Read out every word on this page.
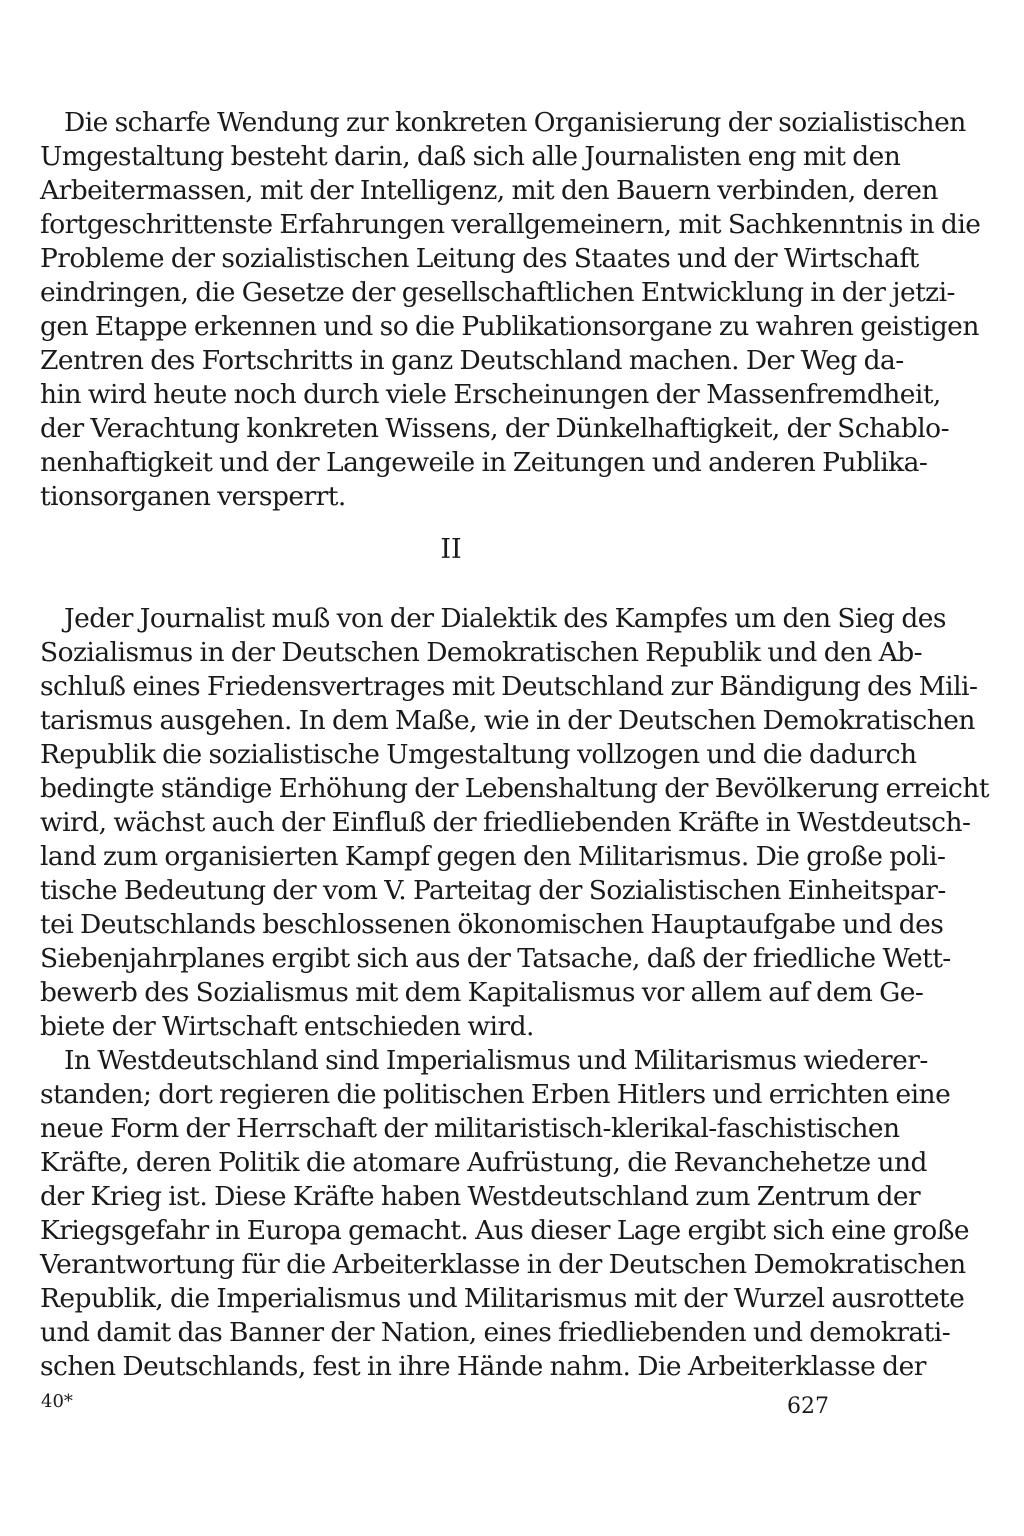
Die scharfe Wendung zur konkreten Organisierung der sozialistischen
Umgestaltung besteht darin, daß sich alle Journalisten eng mit den
Arbeitermassen, mit der Intelligenz, mit den Bauern verbinden, deren
fortgeschrittenste Erfahrungen verallgemeinern, mit Sachkenntnis in die
Probleme der sozialistischen Leitung des Staates und der Wirtschaft
eindringen, die Gesetze der gesellschaftlichen Entwicklung in der jetzi-
gen Etappe erkennen und so die Publikationsorgane zu wahren geistigen
Zentren des Fortschritts in ganz Deutschland machen. Der Weg da-
hin wird heute noch durch viele Erscheinungen der Massenfremdheit,
der Verachtung konkreten Wissens, der Dünkelhaftigkeit, der Schablo-
nenhaftigkeit und der Langeweile in Zeitungen und anderen Publika-
tionsorganen versperrt.
II
Jeder Journalist muß von der Dialektik des Kampfes um den Sieg des
Sozialismus in der Deutschen Demokratischen Republik und den Ab-
schluß eines Friedensvertrages mit Deutschland zur Bändigung des Mili-
tarismus ausgehen. In dem Maße, wie in der Deutschen Demokratischen
Republik die sozialistische Umgestaltung vollzogen und die dadurch
bedingte ständige Erhöhung der Lebenshaltung der Bevölkerung erreicht
wird, wächst auch der Einfluß der friedliebenden Kräfte in Westdeutsch-
land zum organisierten Kampf gegen den Militarismus. Die große poli-
tische Bedeutung der vom V. Parteitag der Sozialistischen Einheitspar-
tei Deutschlands beschlossenen ökonomischen Hauptaufgabe und des
Siebenjahrplanes ergibt sich aus der Tatsache, daß der friedliche Wett-
bewerb des Sozialismus mit dem Kapitalismus vor allem auf dem Ge-
biete der Wirtschaft entschieden wird.
In Westdeutschland sind Imperialismus und Militarismus wiederer-
standen; dort regieren die politischen Erben Hitlers und errichten eine
neue Form der Herrschaft der militaristisch-klerikal-faschistischen
Kräfte, deren Politik die atomare Aufrüstung, die Revanchehetze und
der Krieg ist. Diese Kräfte haben Westdeutschland zum Zentrum der
Kriegsgefahr in Europa gemacht. Aus dieser Lage ergibt sich eine große
Verantwortung für die Arbeiterklasse in der Deutschen Demokratischen
Republik, die Imperialismus und Militarismus mit der Wurzel ausrottete
und damit das Banner der Nation, eines friedliebenden und demokrati-
schen Deutschlands, fest in ihre Hände nahm. Die Arbeiterklasse der
40*	627
